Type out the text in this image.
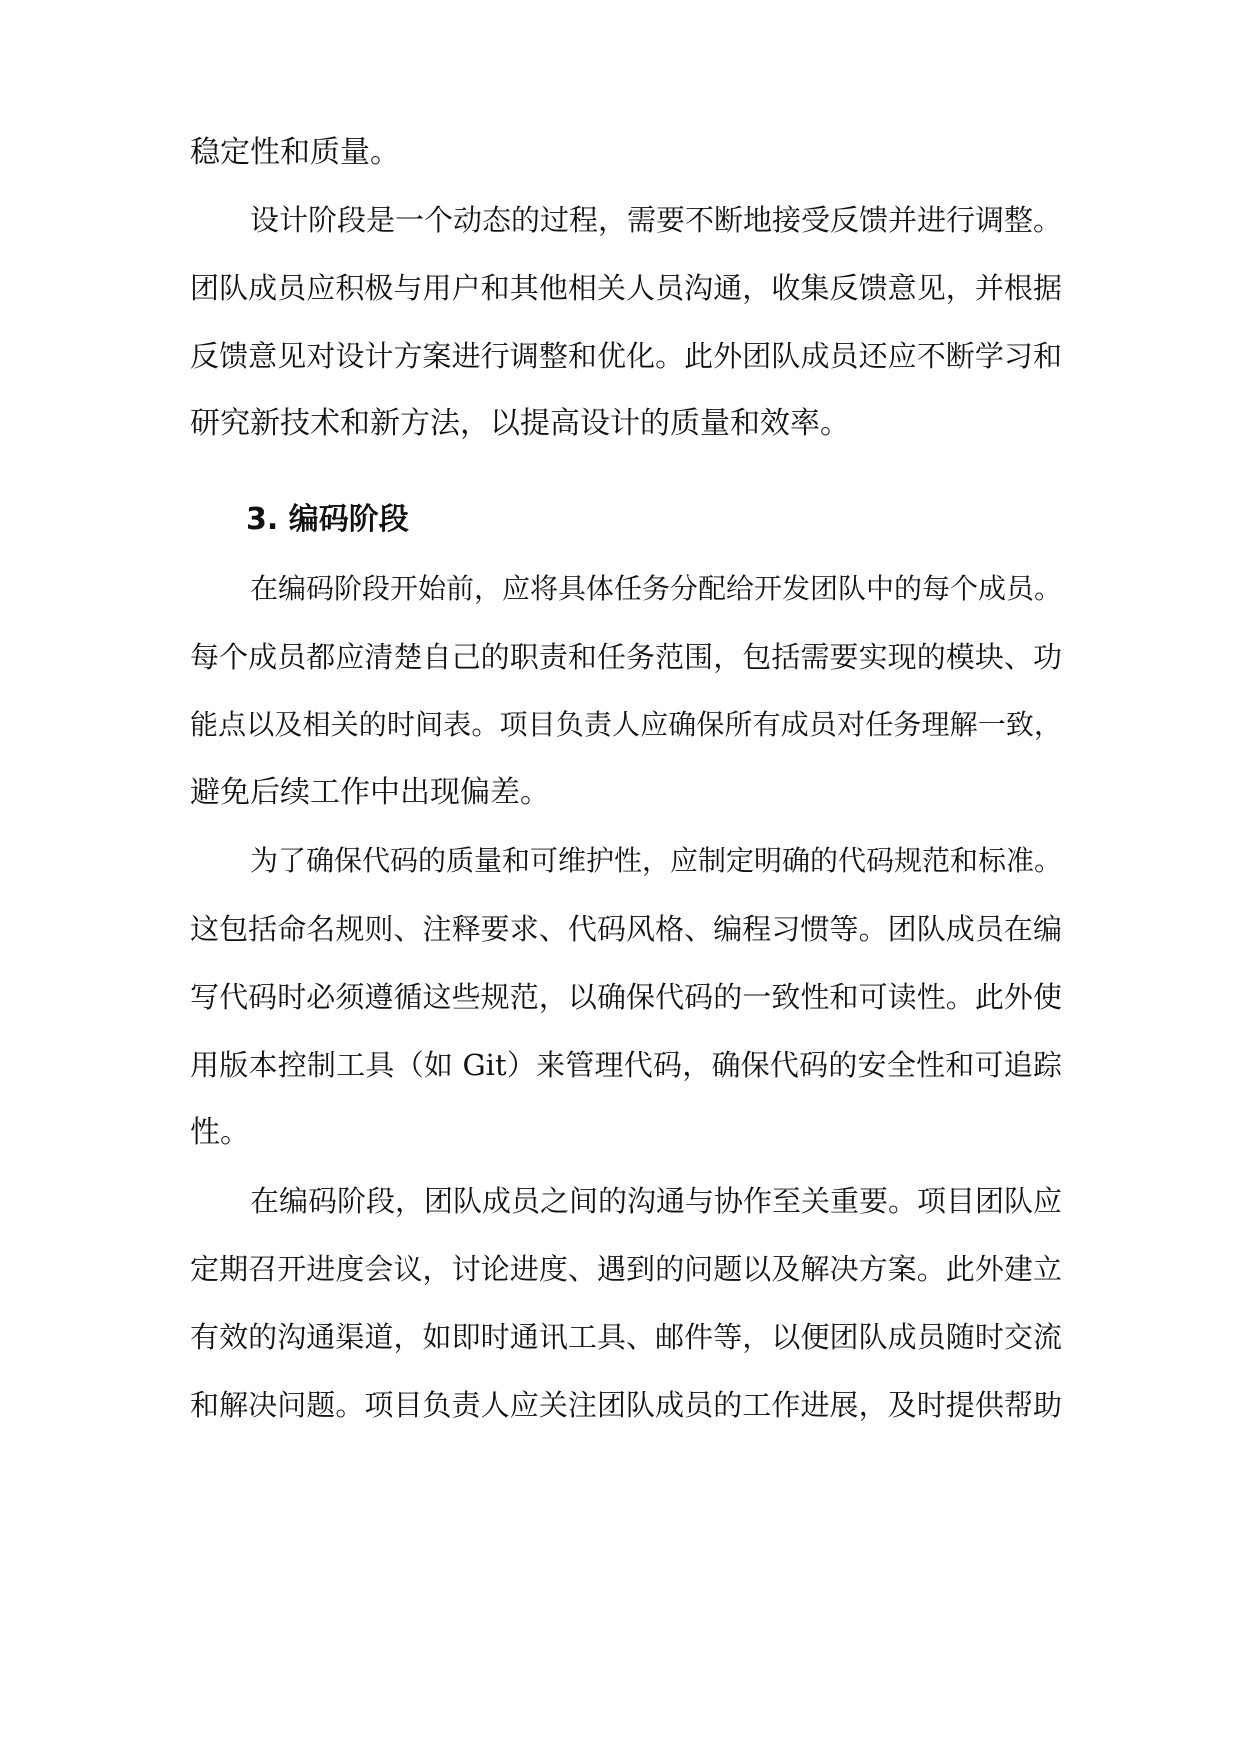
稳定性和质量。
设计阶段是一个动态的过程，需要不断地接受反馈并进行调整。
团队成员应积极与用户和其他相关人员沟通，收集反馈意见，并根据
反馈意见对设计方案进行调整和优化。此外团队成员还应不断学习和
研究新技术和新方法，以提高设计的质量和效率。
3. 编码阶段
在编码阶段开始前，应将具体任务分配给开发团队中的每个成员。
每个成员都应清楚自己的职责和任务范围，包括需要实现的模块、功
能点以及相关的时间表。项目负责人应确保所有成员对任务理解一致，
避免后续工作中出现偏差。
为了确保代码的质量和可维护性，应制定明确的代码规范和标准。
这包括命名规则、注释要求、代码风格、编程习惯等。团队成员在编
写代码时必须遵循这些规范，以确保代码的一致性和可读性。此外使
用版本控制工具（如 Git）来管理代码，确保代码的安全性和可追踪
性。
在编码阶段，团队成员之间的沟通与协作至关重要。项目团队应
定期召开进度会议，讨论进度、遇到的问题以及解决方案。此外建立
有效的沟通渠道，如即时通讯工具、邮件等，以便团队成员随时交流
和解决问题。项目负责人应关注团队成员的工作进展，及时提供帮助
